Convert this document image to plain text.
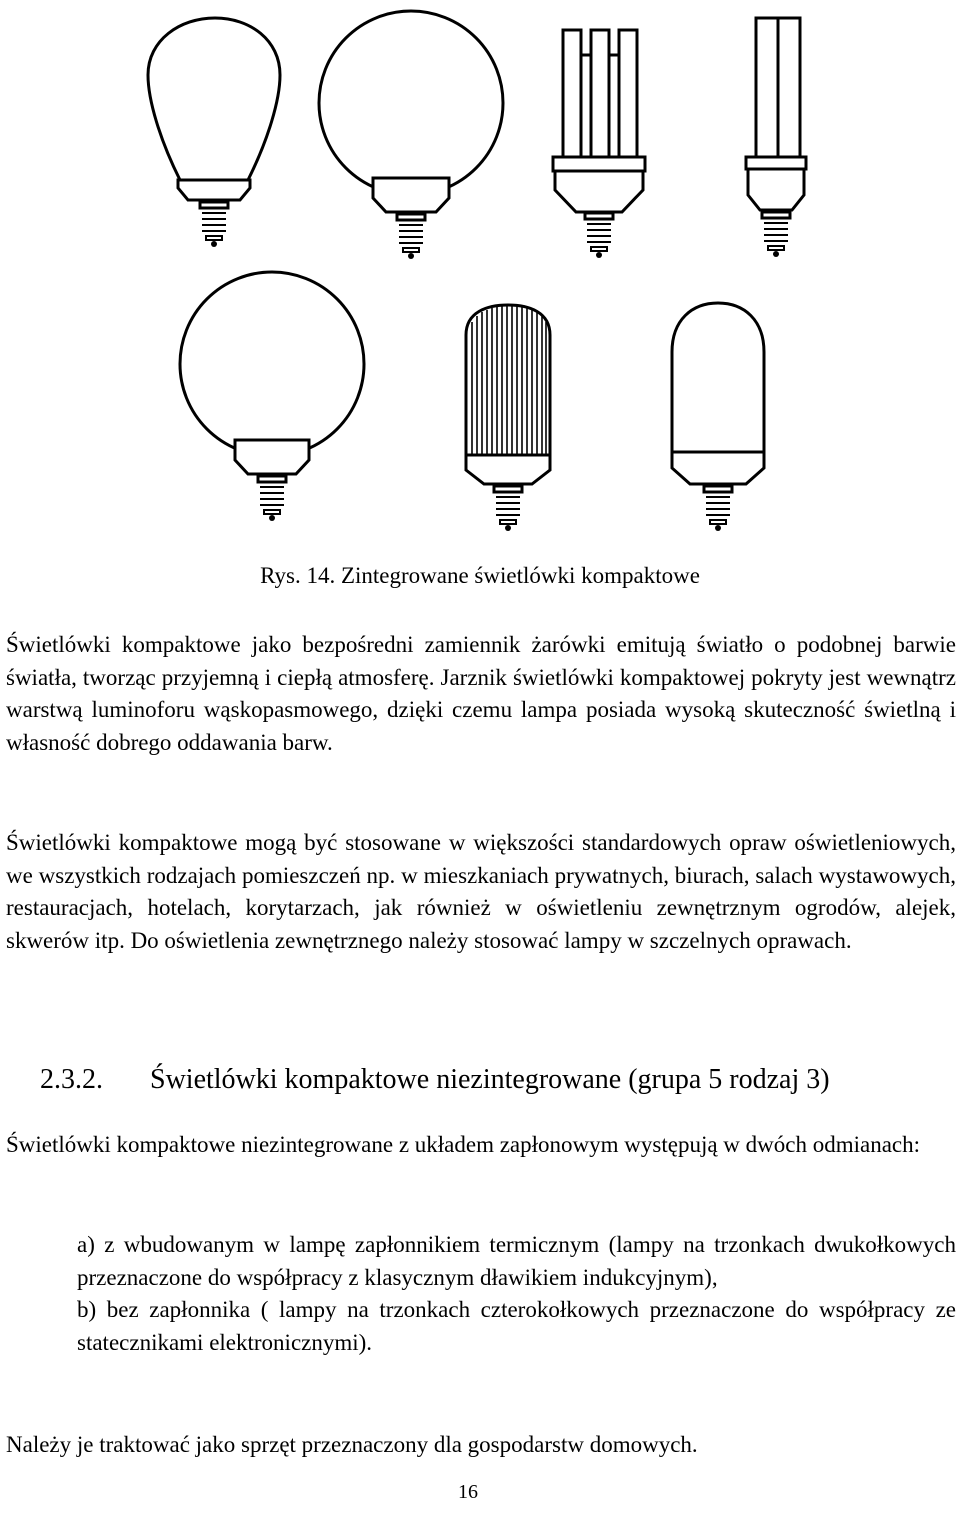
Rys. 14. Zintegrowane świetlówki kompaktowe

Świetlówki kompaktowe jako bezpośredni zamiennik żarówki emitują światło o podobnej barwie światła, tworząc przyjemną i ciepłą atmosferę. Jarznik świetlówki kompaktowej pokryty jest wewnątrz warstwą luminoforu wąskopasmowego, dzięki czemu lampa posiada wysoką skuteczność świetlną i własność dobrego oddawania barw.

Świetlówki kompaktowe mogą być stosowane w większości standardowych opraw oświetleniowych, we wszystkich rodzajach pomieszczeń np. w mieszkaniach prywatnych, biurach, salach wystawowych, restauracjach, hotelach, korytarzach, jak również w oświetleniu zewnętrznym ogrodów, alejek, skwerów itp. Do oświetlenia zewnętrznego należy stosować lampy w szczelnych oprawach.

2.3.2. Świetlówki kompaktowe niezintegrowane (grupa 5 rodzaj 3)

Świetlówki kompaktowe niezintegrowane z układem zapłonowym występują w dwóch odmianach:

a) z wbudowanym w lampę zapłonnikiem termicznym (lampy na trzonkach dwukołkowych przeznaczone do współpracy z klasycznym dławikiem indukcyjnym),

b) bez zapłonnika ( lampy na trzonkach czterokołkowych przeznaczone do współpracy ze statecznikami elektronicznymi).

Należy je traktować jako sprzęt przeznaczony dla gospodarstw domowych.

16
